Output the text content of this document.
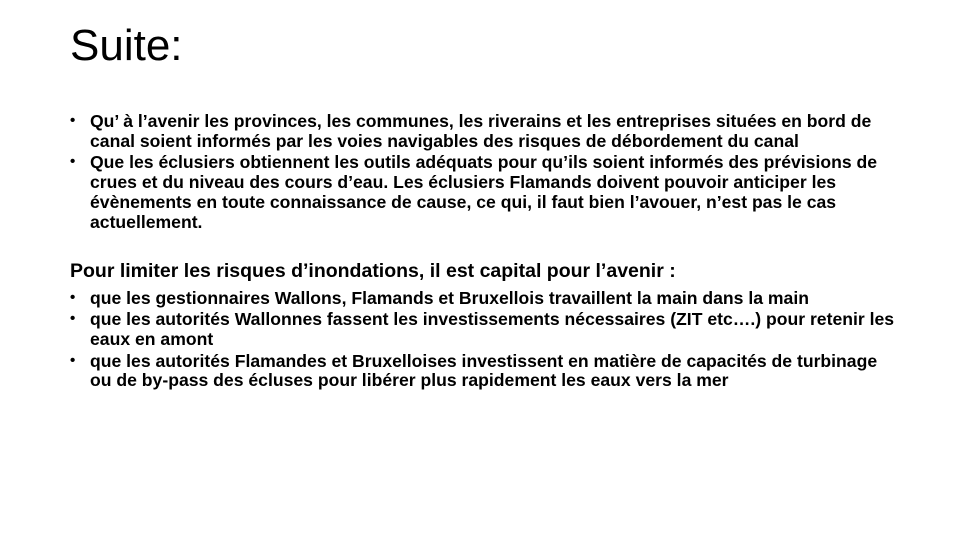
Suite:
• Qu’ à l’avenir les provinces, les communes, les riverains et les entreprises situées en bord de canal soient informés par les voies navigables des risques de débordement du canal
• Que les éclusiers obtiennent les outils adéquats pour qu’ils soient informés des prévisions de crues et du niveau des cours d’eau. Les éclusiers Flamands doivent pouvoir anticiper les évènements en toute connaissance de cause, ce qui, il faut bien l’avouer, n’est pas le cas actuellement.
Pour limiter les risques d’inondations, il est capital pour l’avenir :
• que les gestionnaires Wallons, Flamands et Bruxellois travaillent la main dans la main
• que les autorités Wallonnes fassent les investissements nécessaires (ZIT etc….) pour retenir les eaux en amont
• que les autorités Flamandes et Bruxelloises investissent en matière de capacités de turbinage ou de by-pass des écluses pour libérer plus rapidement les eaux vers la mer
